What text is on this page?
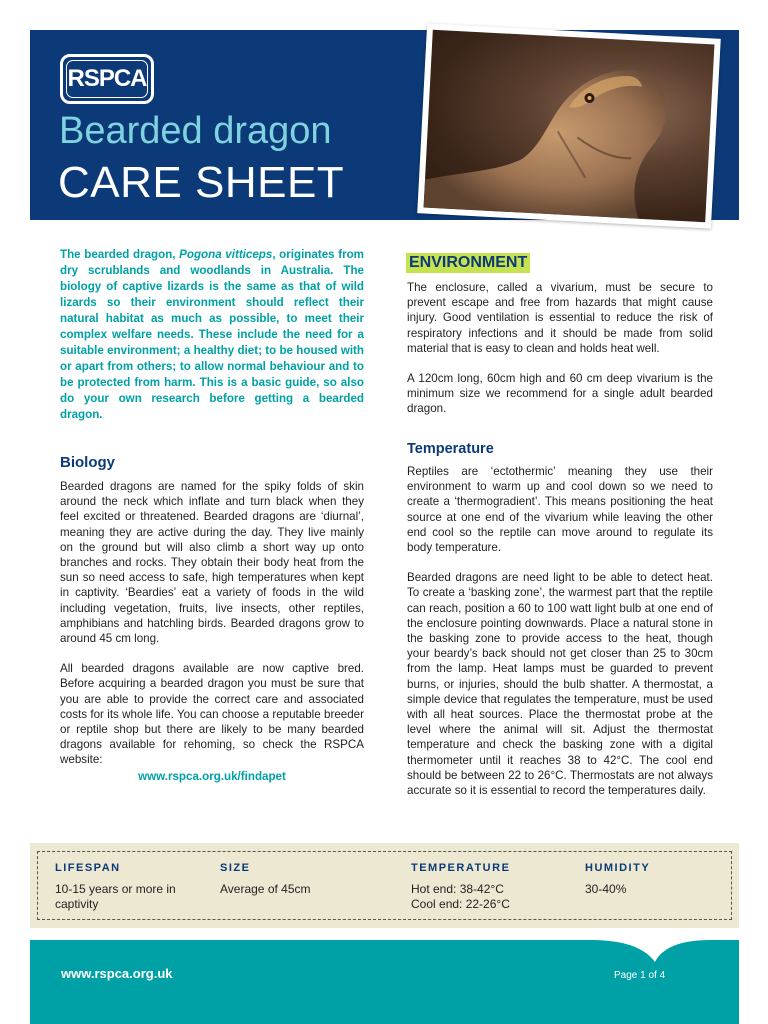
RSPCA
Bearded dragon
CARE SHEET

The bearded dragon, Pogona vitticeps, originates from dry scrublands and woodlands in Australia. The biology of captive lizards is the same as that of wild lizards so their environment should reflect their natural habitat as much as possible, to meet their complex welfare needs. These include the need for a suitable environment; a healthy diet; to be housed with or apart from others; to allow normal behaviour and to be protected from harm. This is a basic guide, so also do your own research before getting a bearded dragon.

Biology

Bearded dragons are named for the spiky folds of skin around the neck which inflate and turn black when they feel excited or threatened. Bearded dragons are ‘diurnal’, meaning they are active during the day. They live mainly on the ground but will also climb a short way up onto branches and rocks. They obtain their body heat from the sun so need access to safe, high temperatures when kept in captivity. ‘Beardies’ eat a variety of foods in the wild including vegetation, fruits, live insects, other reptiles, amphibians and hatchling birds. Bearded dragons grow to around 45 cm long.

All bearded dragons available are now captive bred. Before acquiring a bearded dragon you must be sure that you are able to provide the correct care and associated costs for its whole life. You can choose a reputable breeder or reptile shop but there are likely to be many bearded dragons available for rehoming, so check the RSPCA website:

www.rspca.org.uk/findapet
ENVIRONMENT

The enclosure, called a vivarium, must be secure to prevent escape and free from hazards that might cause injury. Good ventilation is essential to reduce the risk of respiratory infections and it should be made from solid material that is easy to clean and holds heat well.

A 120cm long, 60cm high and 60 cm deep vivarium is the minimum size we recommend for a single adult bearded dragon.

Temperature

Reptiles are ‘ectothermic’ meaning they use their environment to warm up and cool down so we need to create a ‘thermogradient’. This means positioning the heat source at one end of the vivarium while leaving the other end cool so the reptile can move around to regulate its body temperature.

Bearded dragons are need light to be able to detect heat. To create a ‘basking zone’, the warmest part that the reptile can reach, position a 60 to 100 watt light bulb at one end of the enclosure pointing downwards. Place a natural stone in the basking zone to provide access to the heat, though your beardy’s back should not get closer than 25 to 30cm from the lamp. Heat lamps must be guarded to prevent burns, or injuries, should the bulb shatter. A thermostat, a simple device that regulates the temperature, must be used with all heat sources. Place the thermostat probe at the level where the animal will sit. Adjust the thermostat temperature and check the basking zone with a digital thermometer until it reaches 38 to 42°C. The cool end should be between 22 to 26°C. Thermostats are not always accurate so it is essential to record the temperatures daily.

LIFESPAN
10-15 years or more in captivity
SIZE
Average of 45cm
TEMPERATURE
Hot end: 38-42°C
Cool end: 22-26°C
HUMIDITY
30-40%
www.rspca.org.uk	Page 1 of 4
